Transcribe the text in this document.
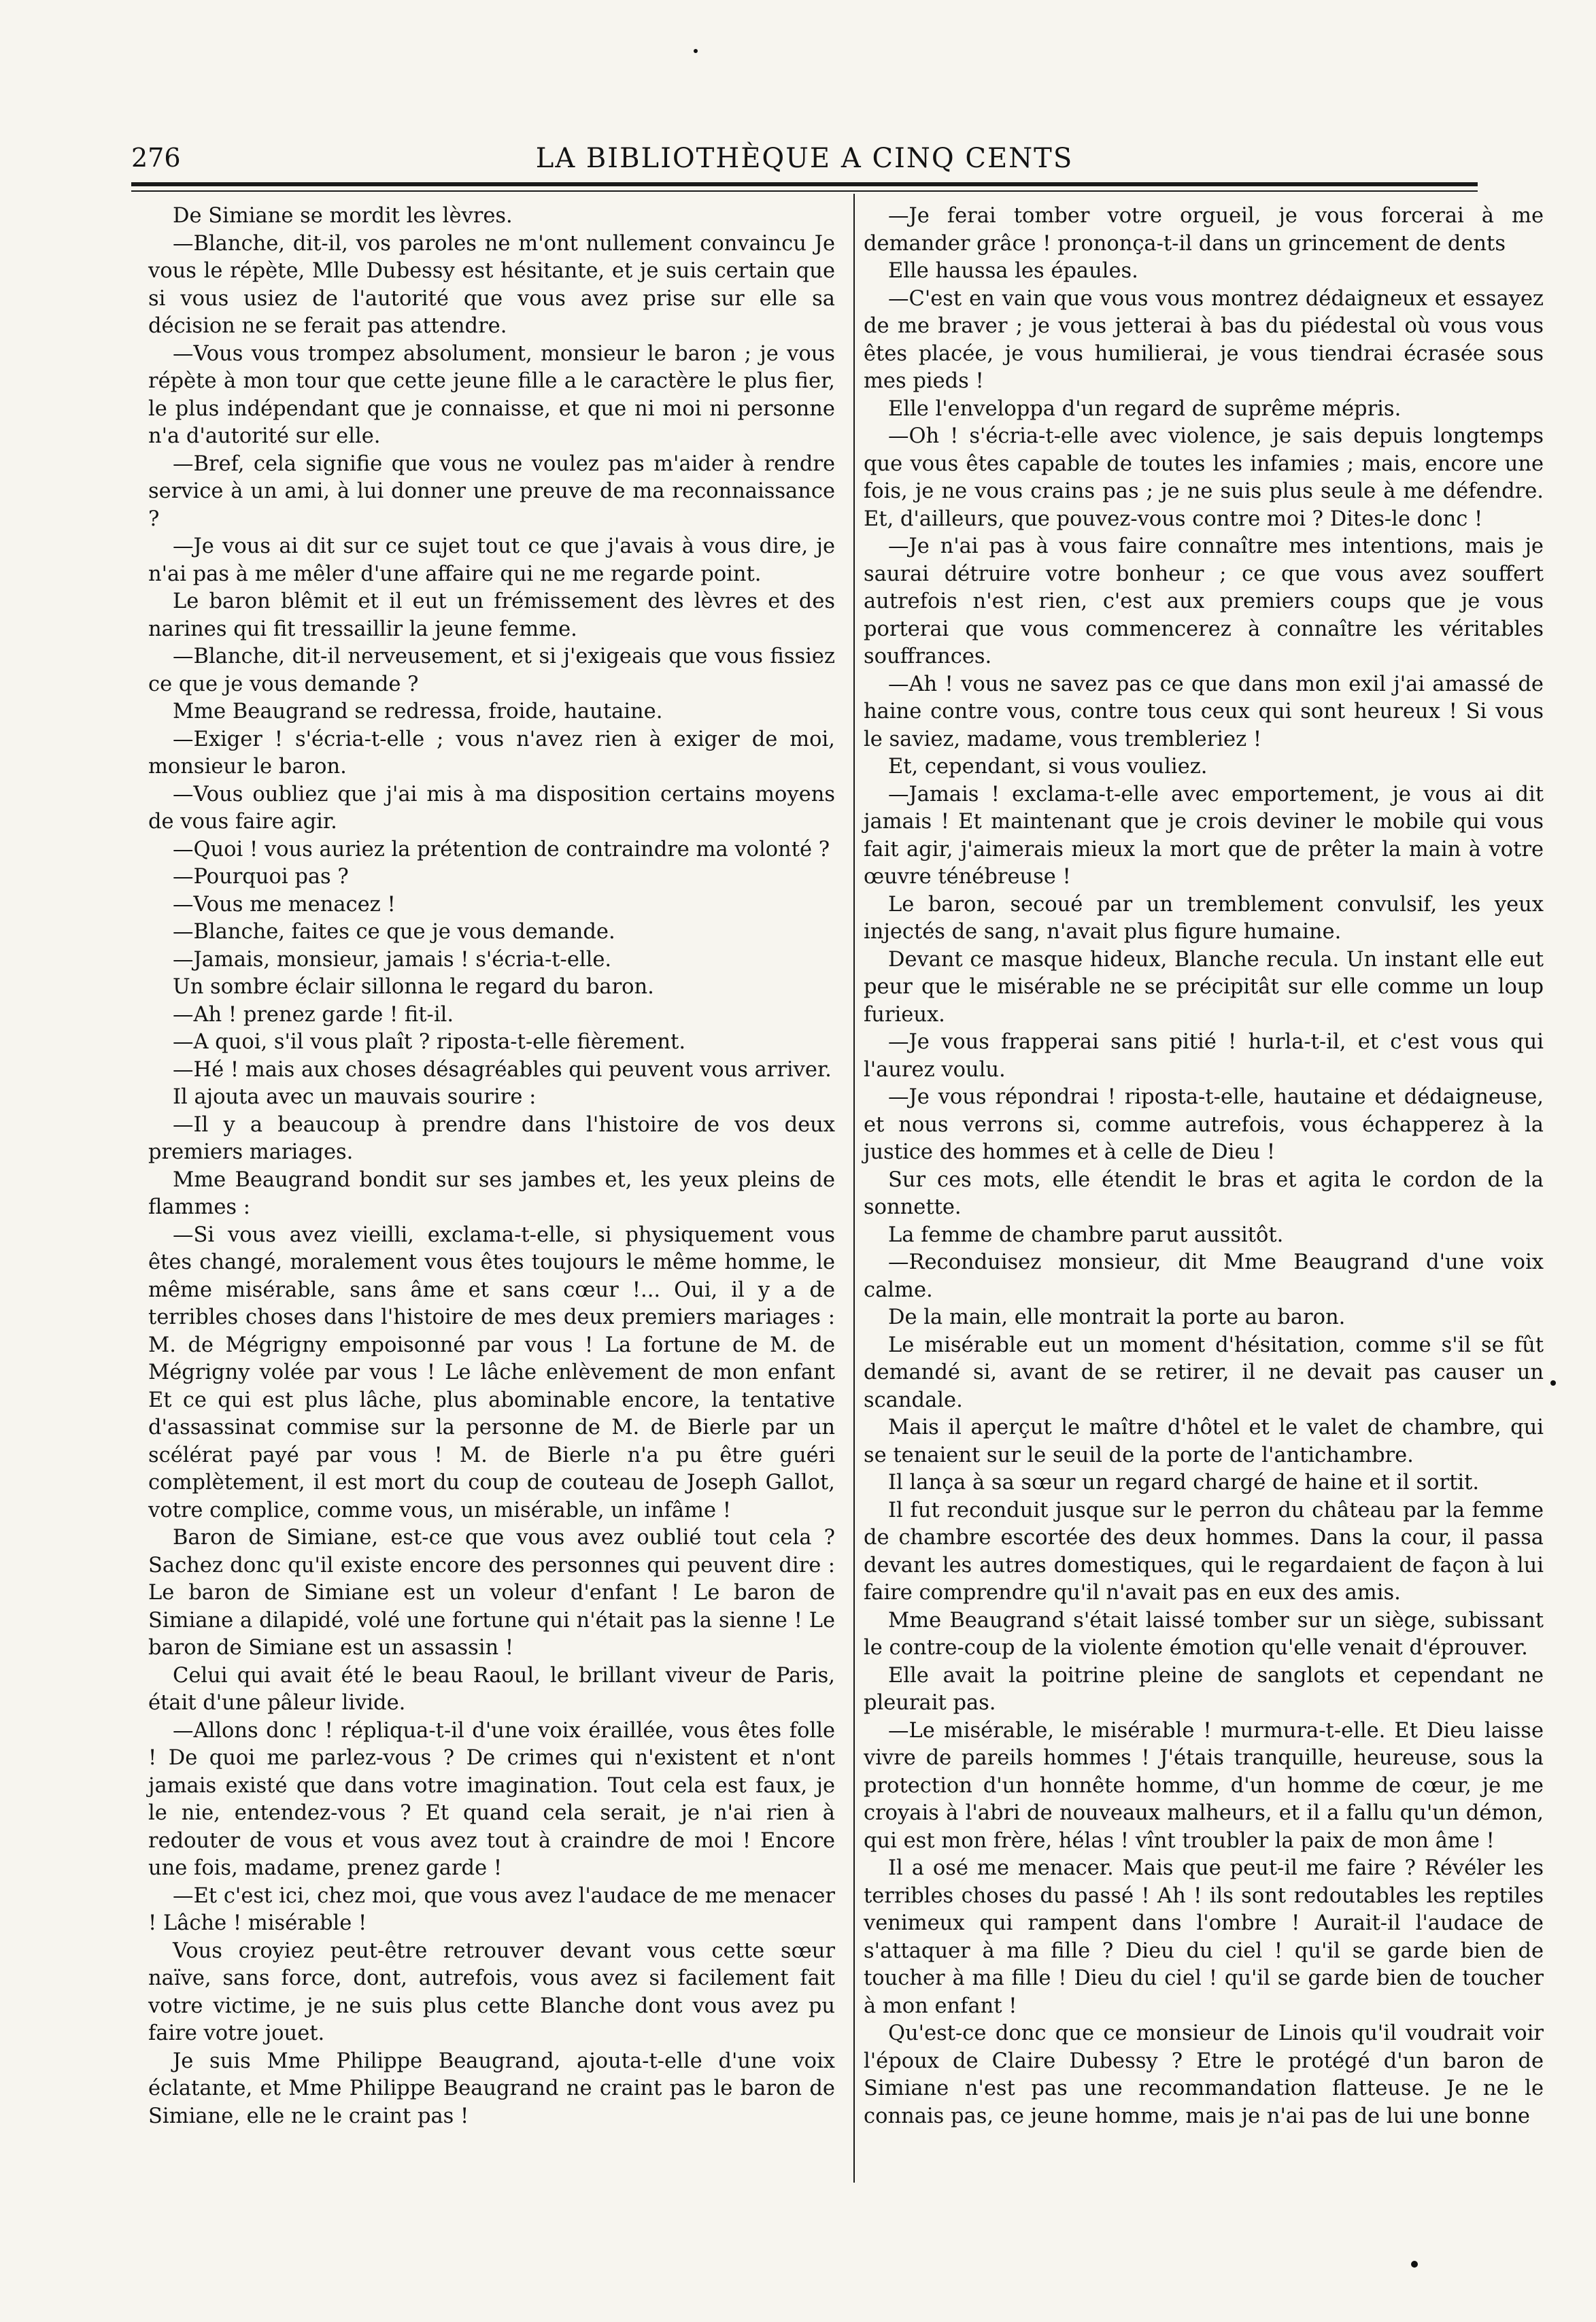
276	LA BIBLIOTHÈQUE A CINQ CENTS

De Simiane se mordit les lèvres.

—Blanche, dit-il, vos paroles ne m'ont nullement convaincu Je vous le répète, Mlle Dubessy est hésitante, et je suis certain que si vous usiez de l'autorité que vous avez prise sur elle sa décision ne se ferait pas attendre.

—Vous vous trompez absolument, monsieur le baron ; je vous répète à mon tour que cette jeune fille a le caractère le plus fier, le plus indépendant que je connaisse, et que ni moi ni personne n'a d'autorité sur elle.

—Bref, cela signifie que vous ne voulez pas m'aider à rendre service à un ami, à lui donner une preuve de ma reconnaissance ?

—Je vous ai dit sur ce sujet tout ce que j'avais à vous dire, je n'ai pas à me mêler d'une affaire qui ne me regarde point.

Le baron blêmit et il eut un frémissement des lèvres et des narines qui fit tressaillir la jeune femme.

—Blanche, dit-il nerveusement, et si j'exigeais que vous fissiez ce que je vous demande ?

Mme Beaugrand se redressa, froide, hautaine.

—Exiger ! s'écria-t-elle ; vous n'avez rien à exiger de moi, monsieur le baron.

—Vous oubliez que j'ai mis à ma disposition certains moyens de vous faire agir.

—Quoi ! vous auriez la prétention de contraindre ma volonté ?

—Pourquoi pas ?

—Vous me menacez !

—Blanche, faites ce que je vous demande.

—Jamais, monsieur, jamais ! s'écria-t-elle.

Un sombre éclair sillonna le regard du baron.

—Ah ! prenez garde ! fit-il.

—A quoi, s'il vous plaît ? riposta-t-elle fièrement.

—Hé ! mais aux choses désagréables qui peuvent vous arriver.

Il ajouta avec un mauvais sourire :

—Il y a beaucoup à prendre dans l'histoire de vos deux premiers mariages.

Mme Beaugrand bondit sur ses jambes et, les yeux pleins de flammes :

—Si vous avez vieilli, exclama-t-elle, si physiquement vous êtes changé, moralement vous êtes toujours le même homme, le même misérable, sans âme et sans cœur !... Oui, il y a de terribles choses dans l'histoire de mes deux premiers mariages : M. de Mégrigny empoisonné par vous ! La fortune de M. de Mégrigny volée par vous ! Le lâche enlèvement de mon enfant Et ce qui est plus lâche, plus abominable encore, la tentative d'assassinat commise sur la personne de M. de Bierle par un scélérat payé par vous ! M. de Bierle n'a pu être guéri complètement, il est mort du coup de couteau de Joseph Gallot, votre complice, comme vous, un misérable, un infâme !

Baron de Simiane, est-ce que vous avez oublié tout cela ? Sachez donc qu'il existe encore des personnes qui peuvent dire : Le baron de Simiane est un voleur d'enfant ! Le baron de Simiane a dilapidé, volé une fortune qui n'était pas la sienne ! Le baron de Simiane est un assassin !

Celui qui avait été le beau Raoul, le brillant viveur de Paris, était d'une pâleur livide.

—Allons donc ! répliqua-t-il d'une voix éraillée, vous êtes folle ! De quoi me parlez-vous ? De crimes qui n'existent et n'ont jamais existé que dans votre imagination. Tout cela est faux, je le nie, entendez-vous ? Et quand cela serait, je n'ai rien à redouter de vous et vous avez tout à craindre de moi ! Encore une fois, madame, prenez garde !

—Et c'est ici, chez moi, que vous avez l'audace de me menacer ! Lâche ! misérable !

Vous croyiez peut-être retrouver devant vous cette sœur naïve, sans force, dont, autrefois, vous avez si facilement fait votre victime, je ne suis plus cette Blanche dont vous avez pu faire votre jouet.

Je suis Mme Philippe Beaugrand, ajouta-t-elle d'une voix éclatante, et Mme Philippe Beaugrand ne craint pas le baron de Simiane, elle ne le craint pas !

—Je ferai tomber votre orgueil, je vous forcerai à me demander grâce ! prononça-t-il dans un grincement de dents

Elle haussa les épaules.

—C'est en vain que vous vous montrez dédaigneux et essayez de me braver ; je vous jetterai à bas du piédestal où vous vous êtes placée, je vous humilierai, je vous tiendrai écrasée sous mes pieds !

Elle l'enveloppa d'un regard de suprême mépris.

—Oh ! s'écria-t-elle avec violence, je sais depuis longtemps que vous êtes capable de toutes les infamies ; mais, encore une fois, je ne vous crains pas ; je ne suis plus seule à me défendre. Et, d'ailleurs, que pouvez-vous contre moi ? Dites-le donc !

—Je n'ai pas à vous faire connaître mes intentions, mais je saurai détruire votre bonheur ; ce que vous avez souffert autrefois n'est rien, c'est aux premiers coups que je vous porterai que vous commencerez à connaître les véritables souffrances.

—Ah ! vous ne savez pas ce que dans mon exil j'ai amassé de haine contre vous, contre tous ceux qui sont heureux ! Si vous le saviez, madame, vous trembleriez !

Et, cependant, si vous vouliez.

—Jamais ! exclama-t-elle avec emportement, je vous ai dit jamais ! Et maintenant que je crois deviner le mobile qui vous fait agir, j'aimerais mieux la mort que de prêter la main à votre œuvre ténébreuse !

Le baron, secoué par un tremblement convulsif, les yeux injectés de sang, n'avait plus figure humaine.

Devant ce masque hideux, Blanche recula. Un instant elle eut peur que le misérable ne se précipitât sur elle comme un loup furieux.

—Je vous frapperai sans pitié ! hurla-t-il, et c'est vous qui l'aurez voulu.

—Je vous répondrai ! riposta-t-elle, hautaine et dédaigneuse, et nous verrons si, comme autrefois, vous échapperez à la justice des hommes et à celle de Dieu !

Sur ces mots, elle étendit le bras et agita le cordon de la sonnette.

La femme de chambre parut aussitôt.

—Reconduisez monsieur, dit Mme Beaugrand d'une voix calme.

De la main, elle montrait la porte au baron.

Le misérable eut un moment d'hésitation, comme s'il se fût demandé si, avant de se retirer, il ne devait pas causer un scandale.

Mais il aperçut le maître d'hôtel et le valet de chambre, qui se tenaient sur le seuil de la porte de l'antichambre.

Il lança à sa sœur un regard chargé de haine et il sortit.

Il fut reconduit jusque sur le perron du château par la femme de chambre escortée des deux hommes. Dans la cour, il passa devant les autres domestiques, qui le regardaient de façon à lui faire comprendre qu'il n'avait pas en eux des amis.

Mme Beaugrand s'était laissé tomber sur un siège, subissant le contre-coup de la violente émotion qu'elle venait d'éprouver.

Elle avait la poitrine pleine de sanglots et cependant ne pleurait pas.

—Le misérable, le misérable ! murmura-t-elle. Et Dieu laisse vivre de pareils hommes ! J'étais tranquille, heureuse, sous la protection d'un honnête homme, d'un homme de cœur, je me croyais à l'abri de nouveaux malheurs, et il a fallu qu'un démon, qui est mon frère, hélas ! vînt troubler la paix de mon âme !

Il a osé me menacer. Mais que peut-il me faire ? Révéler les terribles choses du passé ! Ah ! ils sont redoutables les reptiles venimeux qui rampent dans l'ombre ! Aurait-il l'audace de s'attaquer à ma fille ? Dieu du ciel ! qu'il se garde bien de toucher à ma fille ! Dieu du ciel ! qu'il se garde bien de toucher à mon enfant !

Qu'est-ce donc que ce monsieur de Linois qu'il voudrait voir l'époux de Claire Dubessy ? Etre le protégé d'un baron de Simiane n'est pas une recommandation flatteuse. Je ne le connais pas, ce jeune homme, mais je n'ai pas de lui une bonne
